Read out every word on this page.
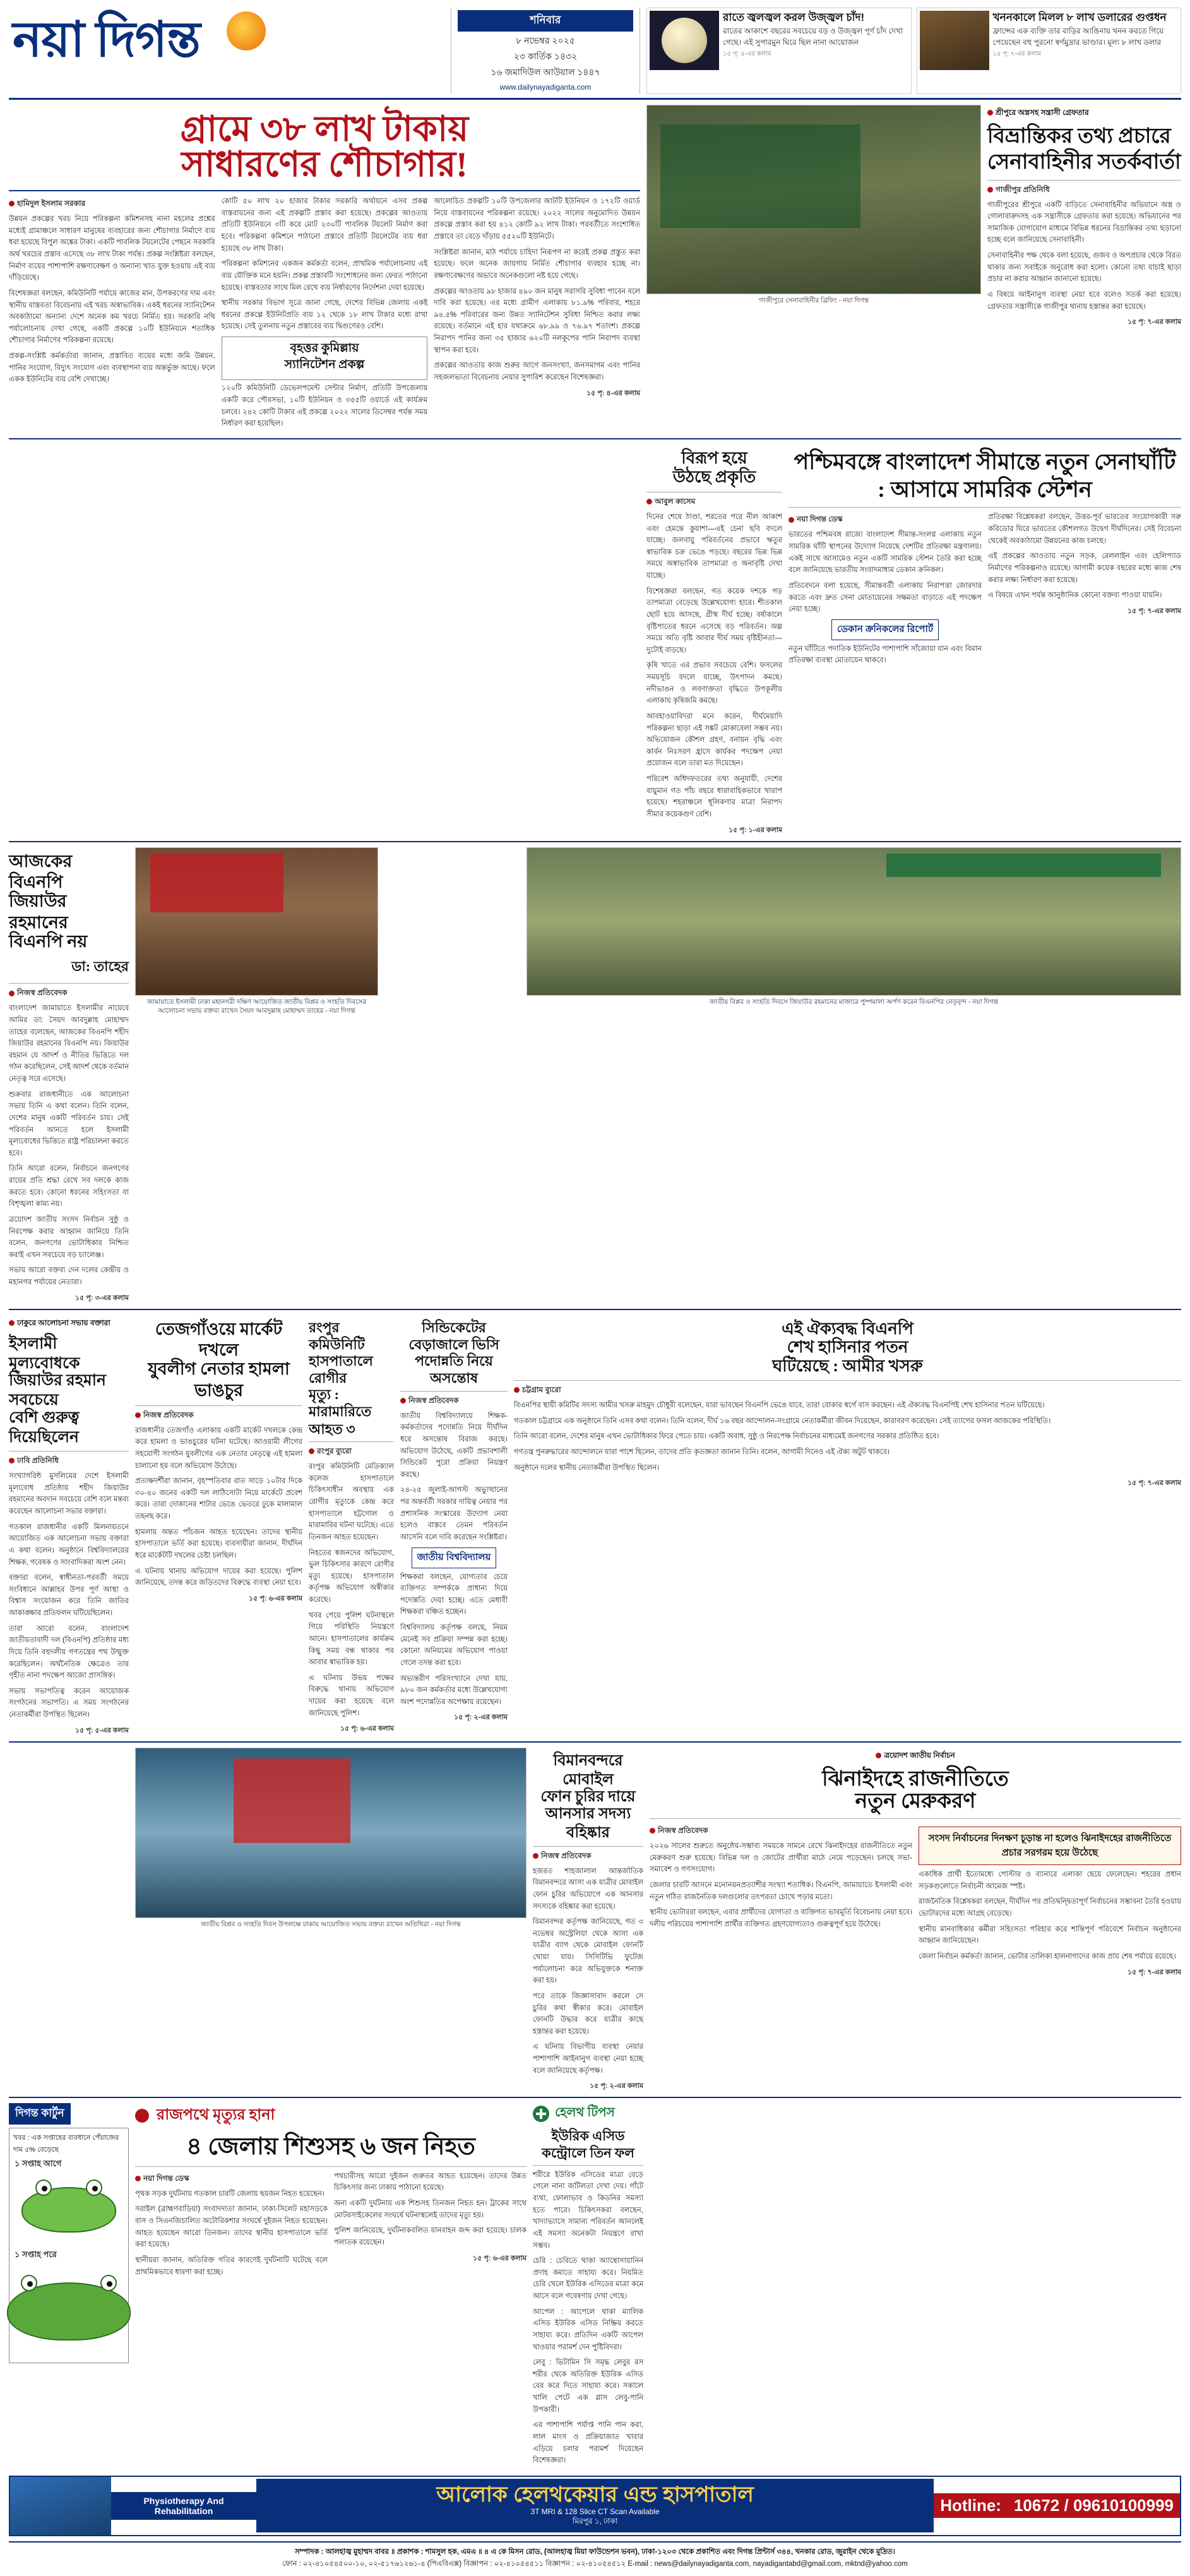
নয়া দিগন্ত	শনিবার
৮ নভেম্বর ২০২৫
২৩ কার্তিক ১৪৩২
১৬ জমাদিউল আউয়াল ১৪৪৭
www.dailynayadiganta.com
রাতে জ্বলজ্বল করল উজ্জ্বল চাঁদ!
রাতের আকাশে বছরের সবচেয়ে বড় ও উজ্জ্বল পূর্ণ চাঁদ দেখা গেছে। এই সুপারমুন ঘিরে ছিল নানা আয়োজন
১৫ পৃ: ৫-এর কলাম
খননকালে মিলল ৮ লাখ ডলারের গুপ্তধন
ফ্রান্সের এক ব্যক্তি তার বাড়ির আঙিনায় খনন করতে গিয়ে পেয়েছেন বহু পুরনো স্বর্ণমুদ্রার ভাণ্ডার। মূল্য ৮ লাখ ডলার
১৫ পৃ: ৭-এর কলাম
গ্রামে ৩৮ লাখ টাকায়
সাধারণের শৌচাগার!
হামিদুল ইসলাম সরকার

উন্নয়ন প্রকল্পের খরচ নিয়ে পরিকল্পনা কমিশনসহ নানা মহলের প্রশ্নের মধ্যেই গ্রামাঞ্চলে সাধারণ মানুষের ব্যবহারের জন্য শৌচাগার নির্মাণে ব্যয় ধরা হয়েছে বিপুল অঙ্কের টাকা। একটি পাবলিক টয়লেটের পেছনে সরকারি অর্থ খরচের প্রস্তাব এসেছে ৩৮ লাখ টাকা পর্যন্ত। প্রকল্প সংশ্লিষ্টরা বলছেন, নির্মাণ ব্যয়ের পাশাপাশি রক্ষণাবেক্ষণ ও অন্যান্য খাত যুক্ত হওয়ায় এই ব্যয় দাঁড়িয়েছে।

বিশেষজ্ঞরা বলছেন, কমিউনিটি পর্যায়ে কাজের মান, উপকরণের দাম এবং স্থানীয় বাস্তবতা বিবেচনায় এই খরচ অস্বাভাবিক। একই ধরনের স্যানিটেশন অবকাঠামো অন্যান্য দেশে অনেক কম খরচে নির্মিত হয়। সরকারি নথি পর্যালোচনায় দেখা গেছে, একটি প্রকল্পে ১০টি ইউনিয়নে শতাধিক শৌচাগার নির্মাণের পরিকল্পনা রয়েছে।

প্রকল্প-সংশ্লিষ্ট কর্মকর্তারা জানান, প্রস্তাবিত ব্যয়ের মধ্যে জমি উন্নয়ন, পানির সংযোগ, বিদ্যুৎ সংযোগ এবং ব্যবস্থাপনা ব্যয় অন্তর্ভুক্ত আছে। ফলে একক ইউনিটের ব্যয় বেশি দেখাচ্ছে।

কোটি ৫০ লাখ ২০ হাজার টাকার সরকারি অর্থায়নে এসব প্রকল্প বাস্তবায়নের জন্য এই প্রকল্পটি প্রস্তাব করা হয়েছে। প্রকল্পের আওতায় প্রতিটি ইউনিয়নে ৩টি করে মোট ২৩০টি পাবলিক টয়লেট নির্মাণ করা হবে। পরিকল্পনা কমিশনে পাঠানো প্রস্তাবে প্রতিটি টয়লেটের ব্যয় ধরা হয়েছে ৩৮ লাখ টাকা।

পরিকল্পনা কমিশনের একজন কর্মকর্তা বলেন, প্রাথমিক পর্যালোচনায় এই ব্যয় যৌক্তিক মনে হয়নি। প্রকল্প প্রস্তাবটি সংশোধনের জন্য ফেরত পাঠানো হয়েছে। বাস্তবতার সাথে মিল রেখে ব্যয় নির্ধারণের নির্দেশনা দেয়া হয়েছে।

স্থানীয় সরকার বিভাগ সূত্রে জানা গেছে, দেশের বিভিন্ন জেলায় একই ধরনের প্রকল্পে ইউনিটপ্রতি ব্যয় ১২ থেকে ১৮ লাখ টাকার মধ্যে রাখা হয়েছে। সেই তুলনায় নতুন প্রস্তাবের ব্যয় দ্বিগুণেরও বেশি।

বৃহত্তর কুমিল্লায়
স্যানিটেশন প্রকল্প

১২০টি কমিউনিটি ডেভেলপমেন্ট সেন্টার নির্মাণ, প্রতিটি উপজেলায় একটি করে পৌরসভা, ১০টি ইউনিয়ন ও ৩৫৫টি ওয়ার্ডে এই কার্যক্রম চলবে। ২৪২ কোটি টাকার এই প্রকল্পে ২০২২ সালের ডিসেম্বর পর্যন্ত সময় নির্ধারণ করা হয়েছিল।

আলোচিত প্রকল্পটি ১০টি উপজেলার আটটি ইউনিয়ন ও ১৭২টি ওয়ার্ড নিয়ে বাস্তবায়নের পরিকল্পনা রয়েছে। ২০২২ সালের অনুমোদিত উন্নয়ন প্রকল্পে প্রস্তাব করা হয় ৪১২ কোটি ৯২ লাখ টাকা। পরবর্তীতে সংশোধিত প্রস্তাবে তা বেড়ে দাঁড়ায় ৫৫২০টি ইউনিটে।

সংশ্লিষ্টরা জানান, মাঠ পর্যায়ে চাহিদা নিরূপণ না করেই প্রকল্প প্রস্তুত করা হয়েছে। ফলে অনেক জায়গায় নির্মিত শৌচাগার ব্যবহার হচ্ছে না। রক্ষণাবেক্ষণের অভাবে অনেকগুলো নষ্ট হয়ে গেছে।

প্রকল্পের আওতায় ৯৮ হাজার ৪৯০ জন মানুষ সরাসরি সুবিধা পাবেন বলে দাবি করা হয়েছে। এর মধ্যে গ্রামীণ এলাকায় ৮১.৯% পরিবার, শহরে ৯৪.৫% পরিবারের জন্য উন্নত স্যানিটেশন সুবিধা নিশ্চিত করার লক্ষ্য রয়েছে। বর্তমানে এই হার যথাক্রমে ৬৮.৯৯ ও ৭৬.৯৭ শতাংশ। প্রকল্পে নিরাপদ পানির জন্য ৩৫ হাজার ৬২০টি নলকূপের পানি নিরাপদ ব্যবস্থা স্থাপন করা হবে।

প্রকল্পের আওতায় কাজ শুরুর আগে জনসংখ্যা, জনসমাগম এবং পানির সহজলভ্যতা বিবেচনায় নেয়ার সুপারিশ করেছেন বিশেষজ্ঞরা।

১৫ পৃ: ৪-এর কলাম
গাজীপুরে সেনাবাহিনীর ব্রিফিং - নয়া দিগন্ত
শ্রীপুরে অস্ত্রসহ সন্ত্রাসী গ্রেফতার
বিভ্রান্তিকর তথ্য প্রচারে সেনাবাহিনীর সতর্কবার্তা
গাজীপুর প্রতিনিধি

গাজীপুরের শ্রীপুরে একটি বাড়িতে সেনাবাহিনীর অভিযানে অস্ত্র ও গোলাবারুদসহ এক সন্ত্রাসীকে গ্রেফতার করা হয়েছে। অভিযানের পর সামাজিক যোগাযোগ মাধ্যমে বিভিন্ন ধরনের বিভ্রান্তিকর তথ্য ছড়ানো হচ্ছে বলে জানিয়েছে সেনাবাহিনী।

সেনাবাহিনীর পক্ষ থেকে বলা হয়েছে, গুজব ও অপপ্রচার থেকে বিরত থাকার জন্য সবাইকে অনুরোধ করা হলো। কোনো তথ্য যাচাই ছাড়া প্রচার না করার আহ্বান জানানো হয়েছে।

এ বিষয়ে আইনানুগ ব্যবস্থা নেয়া হবে বলেও সতর্ক করা হয়েছে। গ্রেফতার সন্ত্রাসীকে গাজীপুর থানায় হস্তান্তর করা হয়েছে।

১৫ পৃ: ৭-এর কলাম
বিরূপ হয়ে
উঠছে প্রকৃতি
আবুল কাসেম

দিনের শেষে ঠাণ্ডা, শরতের পরে নীল আকাশ এবং হেমন্তে কুয়াশা—এই চেনা ছবি বদলে যাচ্ছে। জলবায়ু পরিবর্তনের প্রভাবে ঋতুর স্বাভাবিক চক্র ভেঙে পড়ছে। বছরের ভিন্ন ভিন্ন সময়ে অস্বাভাবিক তাপমাত্রা ও অনাবৃষ্টি দেখা যাচ্ছে।

বিশেষজ্ঞরা বলছেন, গত কয়েক দশকে গড় তাপমাত্রা বেড়েছে উল্লেখযোগ্য হারে। শীতকাল ছোট হয়ে আসছে, গ্রীষ্ম দীর্ঘ হচ্ছে। বর্ষাকালে বৃষ্টিপাতের ধরনে এসেছে বড় পরিবর্তন। অল্প সময়ে অতি বৃষ্টি আবার দীর্ঘ সময় বৃষ্টিহীনতা—দুটোই বাড়ছে।

কৃষি খাতে এর প্রভাব সবচেয়ে বেশি। ফসলের সময়সূচি বদলে যাচ্ছে, উৎপাদন কমছে। নদীভাঙন ও লবণাক্ততা বৃদ্ধিতে উপকূলীয় এলাকায় কৃষিজমি কমছে।

আবহাওয়াবিদরা মনে করেন, দীর্ঘমেয়াদি পরিকল্পনা ছাড়া এই সঙ্কট মোকাবেলা সম্ভব নয়। অভিযোজন কৌশল গ্রহণ, বনায়ন বৃদ্ধি এবং কার্বন নিঃসরণ হ্রাসে কার্যকর পদক্ষেপ নেয়া প্রয়োজন বলে তারা মত দিয়েছেন।

পরিবেশ অধিদফতরের তথ্য অনুযায়ী, দেশের বায়ুমান গত পাঁচ বছরে ধারাবাহিকভাবে খারাপ হয়েছে। শহরাঞ্চলে ধূলিকণার মাত্রা নিরাপদ সীমার কয়েকগুণ বেশি।

১৫ পৃ: ১-এর কলাম
পশ্চিমবঙ্গে বাংলাদেশ সীমান্তে নতুন সেনাঘাঁটি : আসামে সামরিক স্টেশন
নয়া দিগন্ত ডেস্ক

ভারতের পশ্চিমবঙ্গ রাজ্যে বাংলাদেশ সীমান্ত-সংলগ্ন এলাকায় নতুন সামরিক ঘাঁটি স্থাপনের উদ্যোগ নিয়েছে দেশটির প্রতিরক্ষা মন্ত্রণালয়। একই সাথে আসামেও নতুন একটি সামরিক স্টেশন তৈরি করা হচ্ছে বলে জানিয়েছে ভারতীয় সংবাদমাধ্যম ডেকান ক্রনিকল।

প্রতিবেদনে বলা হয়েছে, সীমান্তবর্তী এলাকায় নিরাপত্তা জোরদার করতে এবং দ্রুত সেনা মোতায়েনের সক্ষমতা বাড়াতে এই পদক্ষেপ নেয়া হচ্ছে।

ডেকান ক্রনিকলের রিপোর্ট

নতুন ঘাঁটিতে পদাতিক ইউনিটের পাশাপাশি সাঁজোয়া যান এবং বিমান প্রতিরক্ষা ব্যবস্থা মোতায়েন থাকবে।

প্রতিরক্ষা বিশ্লেষকরা বলছেন, উত্তর-পূর্ব ভারতের সংযোগকারী সরু করিডোর ঘিরে ভারতের কৌশলগত উদ্বেগ দীর্ঘদিনের। সেই বিবেচনা থেকেই অবকাঠামো উন্নয়নের কাজ চলছে।

এই প্রকল্পের আওতায় নতুন সড়ক, রেললাইন এবং হেলিপ্যাড নির্মাণের পরিকল্পনাও রয়েছে। আগামী কয়েক বছরের মধ্যে কাজ শেষ করার লক্ষ্য নির্ধারণ করা হয়েছে।

এ বিষয়ে এখন পর্যন্ত আনুষ্ঠানিক কোনো বক্তব্য পাওয়া যায়নি।

১৫ পৃ: ৭-এর কলাম
আজকের বিএনপি
জিয়াউর রহমানের
বিএনপি নয়
ডা: তাহের
নিজস্ব প্রতিবেদক

বাংলাদেশ জামায়াতে ইসলামীর নায়েবে আমির ডা: সৈয়দ আবদুল্লাহ মোহাম্মদ তাহের বলেছেন, আজকের বিএনপি শহীদ জিয়াউর রহমানের বিএনপি নয়। জিয়াউর রহমান যে আদর্শ ও নীতির ভিত্তিতে দল গঠন করেছিলেন, সেই আদর্শ থেকে বর্তমান নেতৃত্ব সরে এসেছে।

শুক্রবার রাজধানীতে এক আলোচনা সভায় তিনি এ কথা বলেন। তিনি বলেন, দেশের মানুষ একটি পরিবর্তন চায়। সেই পরিবর্তন আনতে হলে ইসলামী মূল্যবোধের ভিত্তিতে রাষ্ট্র পরিচালনা করতে হবে।

তিনি আরো বলেন, নির্বাচনে জনগণের রায়ের প্রতি শ্রদ্ধা রেখে সব দলকে কাজ করতে হবে। কোনো ধরনের সহিংসতা বা বিশৃঙ্খলা কাম্য নয়।

ত্রয়োদশ জাতীয় সংসদ নির্বাচন সুষ্ঠু ও নিরপেক্ষ করার আহ্বান জানিয়ে তিনি বলেন, জনগণের ভোটাধিকার নিশ্চিত করাই এখন সবচেয়ে বড় চ্যালেঞ্জ।

সভায় আরো বক্তব্য দেন দলের কেন্দ্রীয় ও মহানগর পর্যায়ের নেতারা।

১৫ পৃ: ৩-এর কলাম
জামায়াতে ইসলামী ঢাকা মহানগরী দক্ষিণ আয়োজিত জাতীয় বিপ্লব ও সংহতি দিবসের আলোচনা সভায় বক্তব্য রাখেন সৈয়দ আবদুল্লাহ মোহাম্মদ তাহের - নয়া দিগন্ত
জাতীয় বিপ্লব ও সংহতি দিবসে জিয়াউর রহমানের মাজারে পুষ্পমাল্য অর্পণ করেন বিএনপির নেতৃবৃন্দ - নয়া দিগন্ত
ঢাকুরে আলোচনা সভায় বক্তারা
ইসলামী মূল্যবোধকে
জিয়াউর রহমান সবচেয়ে
বেশি গুরুত্ব দিয়েছিলেন
ঢাবি প্রতিনিধি

সংখ্যাগরিষ্ঠ মুসলিমের দেশে ইসলামী মূল্যবোধ প্রতিষ্ঠায় শহীদ জিয়াউর রহমানের অবদান সবচেয়ে বেশি বলে মন্তব্য করেছেন আলোচনা সভার বক্তারা।

গতকাল রাজধানীর একটি মিলনায়তনে আয়োজিত এক আলোচনা সভায় বক্তারা এ কথা বলেন। অনুষ্ঠানে বিশ্ববিদ্যালয়ের শিক্ষক, গবেষক ও সাংবাদিকরা অংশ নেন।

বক্তারা বলেন, স্বাধীনতা-পরবর্তী সময়ে সংবিধানে আল্লাহর উপর পূর্ণ আস্থা ও বিশ্বাস সংযোজন করে তিনি জাতির আকাঙ্ক্ষার প্রতিফলন ঘটিয়েছিলেন।

তারা আরো বলেন, বাংলাদেশ জাতীয়তাবাদী দল (বিএনপি) প্রতিষ্ঠার মধ্য দিয়ে তিনি বহুদলীয় গণতন্ত্রের পথ উন্মুক্ত করেছিলেন। অর্থনৈতিক ক্ষেত্রেও তার গৃহীত নানা পদক্ষেপ আজো প্রাসঙ্গিক।

সভায় সভাপতিত্ব করেন আয়োজক সংগঠনের সভাপতি। এ সময় সংগঠনের নেতাকর্মীরা উপস্থিত ছিলেন।

১৫ পৃ: ৫-এর কলাম
তেজগাঁওয়ে মার্কেট দখলে
যুবলীগ নেতার হামলা ভাঙচুর
নিজস্ব প্রতিবেদক

রাজধানীর তেজগাঁও এলাকায় একটি মার্কেট দখলকে কেন্দ্র করে হামলা ও ভাঙচুরের ঘটনা ঘটেছে। আওয়ামী লীগের সহযোগী সংগঠন যুবলীগের এক নেতার নেতৃত্বে এই হামলা চালানো হয় বলে অভিযোগ উঠেছে।

প্রত্যক্ষদর্শীরা জানান, বৃহস্পতিবার রাত সাড়ে ১০টার দিকে ৩০-৪০ জনের একটি দল লাঠিসোটা নিয়ে মার্কেটে প্রবেশ করে। তারা দোকানের শাটার ভেঙে ভেতরে ঢুকে মালামাল তছনছ করে।

হামলায় অন্তত পাঁচজন আহত হয়েছেন। তাদের স্থানীয় হাসপাতালে ভর্তি করা হয়েছে। ব্যবসায়ীরা জানান, দীর্ঘদিন ধরে মার্কেটটি দখলের চেষ্টা চলছিল।

এ ঘটনায় থানায় অভিযোগ দায়ের করা হয়েছে। পুলিশ জানিয়েছে, তদন্ত করে জড়িতদের বিরুদ্ধে ব্যবস্থা নেয়া হবে।

১৫ পৃ: ৬-এর কলাম
রংপুর কমিউনিটি
হাসপাতালে রোগীর
মৃত্যু : মারামারিতে আহত ৩
রংপুর ব্যুরো

রংপুর কমিউনিটি মেডিক্যাল কলেজ হাসপাতালে চিকিৎসাধীন অবস্থায় এক রোগীর মৃত্যুকে কেন্দ্র করে হাসপাতালে হট্টগোল ও মারামারির ঘটনা ঘটেছে। এতে তিনজন আহত হয়েছেন।

নিহতের স্বজনদের অভিযোগ, ভুল চিকিৎসার কারণে রোগীর মৃত্যু হয়েছে। হাসপাতাল কর্তৃপক্ষ অভিযোগ অস্বীকার করেছে।

খবর পেয়ে পুলিশ ঘটনাস্থলে গিয়ে পরিস্থিতি নিয়ন্ত্রণে আনে। হাসপাতালের কার্যক্রম কিছু সময় বন্ধ থাকার পর আবার স্বাভাবিক হয়।

এ ঘটনায় উভয় পক্ষের বিরুদ্ধে থানায় অভিযোগ দায়ের করা হয়েছে বলে জানিয়েছে পুলিশ।

১৫ পৃ: ৬-এর কলাম
সিন্ডিকেটের বেড়াজালে ভিসি
পদোন্নতি নিয়ে অসন্তোষ
নিজস্ব প্রতিবেদক

জাতীয় বিশ্ববিদ্যালয়ে শিক্ষক-কর্মকর্তাদের পদোন্নতি নিয়ে দীর্ঘদিন ধরে অসন্তোষ বিরাজ করছে। অভিযোগ উঠেছে, একটি প্রভাবশালী সিন্ডিকেট পুরো প্রক্রিয়া নিয়ন্ত্রণ করছে।

২৪-২৫ জুলাই-আগস্ট অভ্যুত্থানের পর অন্তর্বর্তী সরকার দায়িত্ব নেয়ার পর প্রশাসনিক সংস্কারের উদ্যোগ নেয়া হলেও বাস্তবে তেমন পরিবর্তন আসেনি বলে দাবি করেছেন সংশ্লিষ্টরা।

জাতীয় বিশ্ববিদ্যালয়

শিক্ষকরা বলছেন, যোগ্যতার চেয়ে ব্যক্তিগত সম্পর্ককে প্রাধান্য দিয়ে পদোন্নতি দেয়া হচ্ছে। এতে মেধাবী শিক্ষকরা বঞ্চিত হচ্ছেন।

বিশ্ববিদ্যালয় কর্তৃপক্ষ বলছে, নিয়ম মেনেই সব প্রক্রিয়া সম্পন্ন করা হচ্ছে। কোনো অনিয়মের অভিযোগ পাওয়া গেলে তদন্ত করা হবে।

অভ্যন্তরীণ পরিসংখ্যানে দেখা যায়, ৯৮০ জন কর্মকর্তার মধ্যে উল্লেখযোগ্য অংশ পদোন্নতির অপেক্ষায় রয়েছেন।

১৫ পৃ: ২-এর কলাম
এই ঐক্যবদ্ধ বিএনপি
শেখ হাসিনার পতন
ঘটিয়েছে : আমীর খসরু
চট্টগ্রাম ব্যুরো

বিএনপির স্থায়ী কমিটির সদস্য আমীর খসরু মাহমুদ চৌধুরী বলেছেন, যারা ভাবছেন বিএনপি ভেঙে যাবে, তারা বোকার স্বর্গে বাস করছেন। এই ঐক্যবদ্ধ বিএনপিই শেখ হাসিনার পতন ঘটিয়েছে।

গতকাল চট্টগ্রামে এক অনুষ্ঠানে তিনি এসব কথা বলেন। তিনি বলেন, দীর্ঘ ১৬ বছর আন্দোলন-সংগ্রামে নেতাকর্মীরা জীবন দিয়েছেন, কারাবরণ করেছেন। সেই ত্যাগের ফসল আজকের পরিস্থিতি।

তিনি আরো বলেন, দেশের মানুষ এখন ভোটাধিকার ফিরে পেতে চায়। একটি অবাধ, সুষ্ঠু ও নিরপেক্ষ নির্বাচনের মাধ্যমেই জনগণের সরকার প্রতিষ্ঠিত হবে।

গণতন্ত্র পুনরুদ্ধারের আন্দোলনে যারা পাশে ছিলেন, তাদের প্রতি কৃতজ্ঞতা জানান তিনি। বলেন, আগামী দিনেও এই ঐক্য অটুট থাকবে।

অনুষ্ঠানে দলের স্থানীয় নেতাকর্মীরা উপস্থিত ছিলেন।

১৫ পৃ: ৭-এর কলাম
জাতীয় বিপ্লব ও সংহতি দিবস উপলক্ষে ঢাকায় আয়োজিত সভায় বক্তব্য রাখেন অতিথিরা - নয়া দিগন্ত
বিমানবন্দরে মোবাইল
ফোন চুরির দায়ে
আনসার সদস্য বহিষ্কার
নিজস্ব প্রতিবেদক

হজরত শাহজালাল আন্তর্জাতিক বিমানবন্দরে আসা এক যাত্রীর মোবাইল ফোন চুরির অভিযোগে এক আনসার সদস্যকে বহিষ্কার করা হয়েছে।

বিমানবন্দর কর্তৃপক্ষ জানিয়েছে, গত ৩ নভেম্বর অস্ট্রেলিয়া থেকে আসা এক যাত্রীর ব্যাগ থেকে মোবাইল ফোনটি খোয়া যায়। সিসিটিভি ফুটেজ পর্যালোচনা করে অভিযুক্তকে শনাক্ত করা হয়।

পরে তাকে জিজ্ঞাসাবাদ করলে সে চুরির কথা স্বীকার করে। মোবাইল ফোনটি উদ্ধার করে যাত্রীর কাছে হস্তান্তর করা হয়েছে।

এ ঘটনায় বিভাগীয় ব্যবস্থা নেয়ার পাশাপাশি আইনানুগ ব্যবস্থা নেয়া হচ্ছে বলে জানিয়েছে কর্তৃপক্ষ।

১৫ পৃ: ২-এর কলাম
ত্রয়োদশ জাতীয় নির্বাচন
ঝিনাইদহে রাজনীতিতে
নতুন মেরুকরণ
নিজস্ব প্রতিবেদক

২০২৬ সালের শুরুতে অনুষ্ঠেয়-সম্ভাব্য সময়কে সামনে রেখে ঝিনাইদহের রাজনীতিতে নতুন মেরুকরণ শুরু হয়েছে। বিভিন্ন দল ও জোটের প্রার্থীরা মাঠে নেমে পড়েছেন। চলছে সভা-সমাবেশ ও গণসংযোগ।

জেলার চারটি আসনে মনোনয়নপ্রত্যাশীর সংখ্যা শতাধিক। বিএনপি, জামায়াতে ইসলামী এবং নতুন গঠিত রাজনৈতিক দলগুলোর তৎপরতা চোখে পড়ার মতো।

স্থানীয় ভোটাররা বলছেন, এবার প্রার্থীদের যোগ্যতা ও ব্যক্তিগত ভাবমূর্তি বিবেচনায় নেয়া হবে। দলীয় পরিচয়ের পাশাপাশি প্রার্থীর ব্যক্তিগত গ্রহণযোগ্যতাও গুরুত্বপূর্ণ হয়ে উঠেছে।

সংসদ নির্বাচনের দিনক্ষণ চূড়ান্ত না হলেও ঝিনাইদহের রাজনীতিতে প্রচার সরগরম হয়ে উঠেছে

একাধিক প্রার্থী ইতোমধ্যে পোস্টার ও ব্যানারে এলাকা ছেয়ে ফেলেছেন। শহরের প্রধান সড়কগুলোতে নির্বাচনী আমেজ স্পষ্ট।

রাজনৈতিক বিশ্লেষকরা বলছেন, দীর্ঘদিন পর প্রতিদ্বন্দ্বিতাপূর্ণ নির্বাচনের সম্ভাবনা তৈরি হওয়ায় ভোটারদের মধ্যে আগ্রহ বেড়েছে।

স্থানীয় মানবাধিকার কর্মীরা সহিংসতা পরিহার করে শান্তিপূর্ণ পরিবেশে নির্বাচন অনুষ্ঠানের আহ্বান জানিয়েছেন।

জেলা নির্বাচন কর্মকর্তা জানান, ভোটার তালিকা হালনাগাদের কাজ প্রায় শেষ পর্যায়ে রয়েছে।

১৫ পৃ: ৭-এর কলাম
দিগন্ত কার্টুন
খবর : এক সপ্তাহের ব্যবধানে পেঁয়াজের দাম ৫% বেড়েছে
১ সপ্তাহ আগে
১ সপ্তাহ পরে
রাজপথে মৃত্যুর হানা
৪ জেলায় শিশুসহ ৬ জন নিহত
নয়া দিগন্ত ডেস্ক

পৃথক সড়ক দুর্ঘটনায় গতকাল চারটি জেলায় ছয়জন নিহত হয়েছেন।

সরাইল (ব্রাহ্মণবাড়িয়া) সংবাদদাতা জানান, ঢাকা-সিলেট মহাসড়কে বাস ও সিএনজিচালিত অটোরিকশার সংঘর্ষে দুইজন নিহত হয়েছেন। আহত হয়েছেন আরো তিনজন। তাদের স্থানীয় হাসপাতালে ভর্তি করা হয়েছে।

স্থানীয়রা জানান, অতিরিক্ত গতির কারণেই দুর্ঘটনাটি ঘটেছে বলে প্রাথমিকভাবে ধারণা করা হচ্ছে।

পথচারীসহ আরো দুইজন গুরুতর আহত হয়েছেন। তাদের উন্নত চিকিৎসার জন্য ঢাকায় পাঠানো হয়েছে।

অন্য একটি দুর্ঘটনায় এক শিশুসহ তিনজন নিহত হন। ট্রাকের সাথে মোটরসাইকেলের সংঘর্ষে ঘটনাস্থলেই তাদের মৃত্যু হয়।

পুলিশ জানিয়েছে, দুর্ঘটনাকবলিত যানবাহন জব্দ করা হয়েছে। চালক পলাতক রয়েছেন।

১৫ পৃ: ৬-এর কলাম
হেলথ টিপস
ইউরিক এসিড কন্ট্রোলে তিন ফল

শরীরে ইউরিক এসিডের মাত্রা বেড়ে গেলে নানা জটিলতা দেখা দেয়। গাঁটে ব্যথা, ফোলাভাব ও কিডনির সমস্যা হতে পারে। চিকিৎসকরা বলছেন, খাদ্যাভ্যাসে সামান্য পরিবর্তন আনলেই এই সমস্যা অনেকটা নিয়ন্ত্রণে রাখা সম্ভব।

চেরি : চেরিতে থাকা অ্যান্থোসায়ানিন প্রদাহ কমাতে সাহায্য করে। নিয়মিত চেরি খেলে ইউরিক এসিডের মাত্রা কমে আসে বলে গবেষণায় দেখা গেছে।

আপেল : আপেলে থাকা ম্যালিক এসিড ইউরিক এসিড নিষ্ক্রিয় করতে সাহায্য করে। প্রতিদিন একটি আপেল খাওয়ার পরামর্শ দেন পুষ্টিবিদরা।

লেবু : ভিটামিন সি সমৃদ্ধ লেবুর রস শরীর থেকে অতিরিক্ত ইউরিক এসিড বের করে দিতে সাহায্য করে। সকালে খালি পেটে এক গ্লাস লেবু-পানি উপকারী।

এর পাশাপাশি পর্যাপ্ত পানি পান করা, লাল মাংস ও প্রক্রিয়াজাত খাবার এড়িয়ে চলার পরামর্শ দিয়েছেন বিশেষজ্ঞরা।

Physiotherapy And Rehabilitation
আলোক হেলথকেয়ার এন্ড হাসপাতাল
3T MRI & 128 Slice CT Scan Available
মিরপুর ১, ঢাকা
Hotline: 10672 / 09610100999
সম্পাদক : আলহাজ্ব মুহাম্মদ বাবর ॥ প্রকাশক : শামসুল হক, এমএ ॥ ৪ এ কে মিসন রোড, (আলহাজ্ব মিয়া ফাউন্ডেশন ভবন), ঢাকা-১২০৩ থেকে প্রকাশিত এবং দিগন্ত প্রিন্টার্স ৩৪৪, খনকার রোড, জুরাইন থেকে মুদ্রিত।
ফোন : ০২-৪১০৫৪৫০০-১০, ০২-৫১৭৬১২৬১-৪ (পিএবিএক্স) বিজ্ঞাপন : ০২-৪১০৫৪৫১১ বিজ্ঞাপন : ০২-৪১০৫৪৫১২ E-mail : news@dailynayadiganta.com, nayadigantabd@gmail.com, mktnd@yahoo.com
